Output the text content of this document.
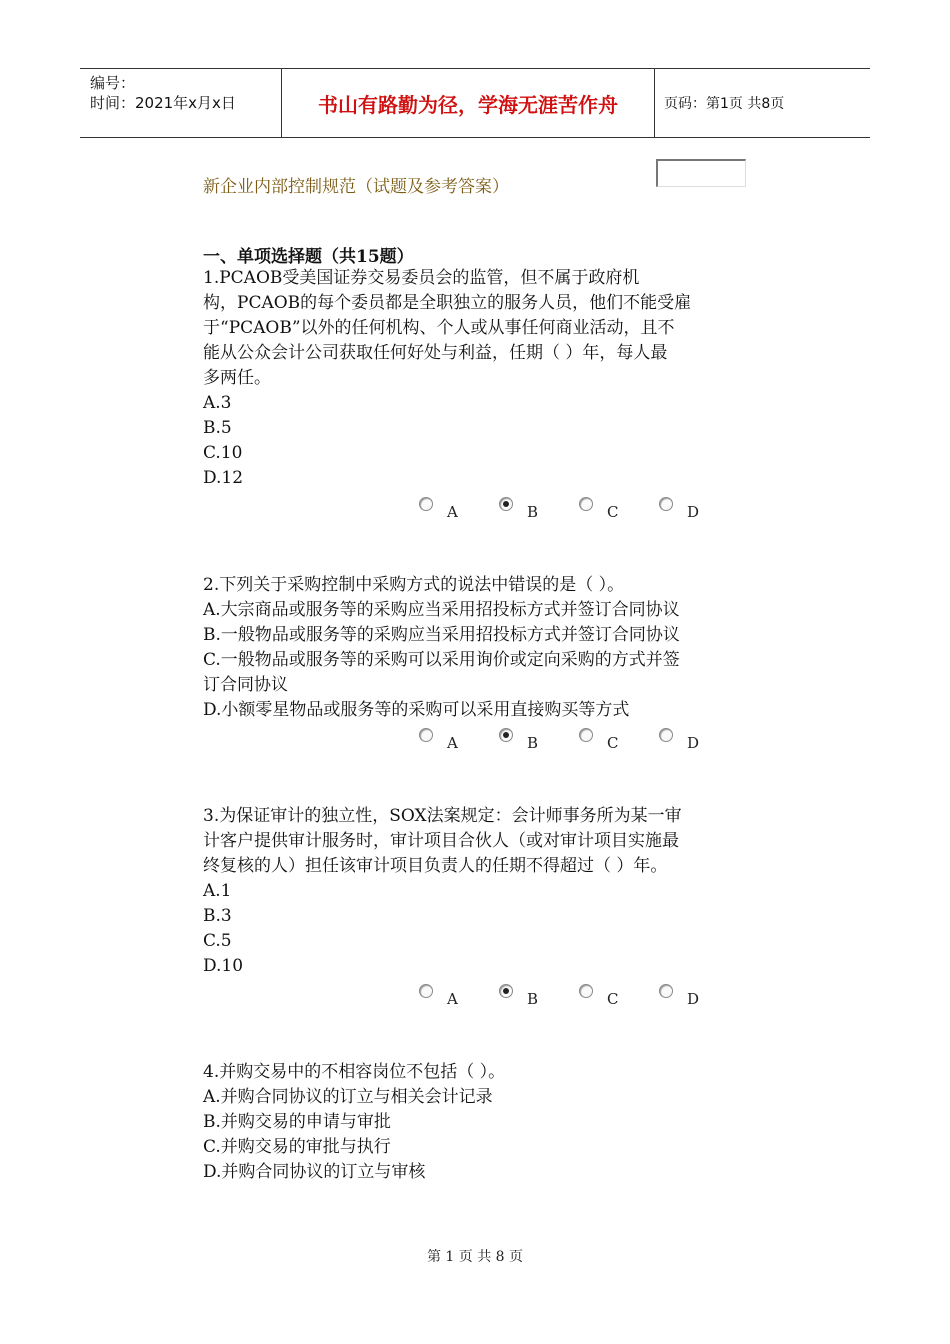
编号：
时间：2021年x月x日	书山有路勤为径，学海无涯苦作舟	页码：第1页 共8页
新企业内部控制规范（试题及参考答案）
一、单项选择题（共15题）

1.PCAOB受美国证券交易委员会的监管，但不属于政府机

构，PCAOB的每个委员都是全职独立的服务人员，他们不能受雇

于“PCAOB”以外的任何机构、个人或从事任何商业活动，且不

能从公众会计公司获取任何好处与利益，任期（ ）年，每人最

多两任。

A.3

B.5

C.10

D.12

A	B	C	D

2.下列关于采购控制中采购方式的说法中错误的是（ ）。

A.大宗商品或服务等的采购应当采用招投标方式并签订合同协议

B.一般物品或服务等的采购应当采用招投标方式并签订合同协议

C.一般物品或服务等的采购可以采用询价或定向采购的方式并签

订合同协议

D.小额零星物品或服务等的采购可以采用直接购买等方式

A	B	C	D

3.为保证审计的独立性，SOX法案规定：会计师事务所为某一审

计客户提供审计服务时，审计项目合伙人（或对审计项目实施最

终复核的人）担任该审计项目负责人的任期不得超过（ ）年。

A.1

B.3

C.5

D.10

A	B	C	D

4.并购交易中的不相容岗位不包括（ ）。

A.并购合同协议的订立与相关会计记录

B.并购交易的申请与审批

C.并购交易的审批与执行

D.并购合同协议的订立与审核

第 1 页 共 8 页
